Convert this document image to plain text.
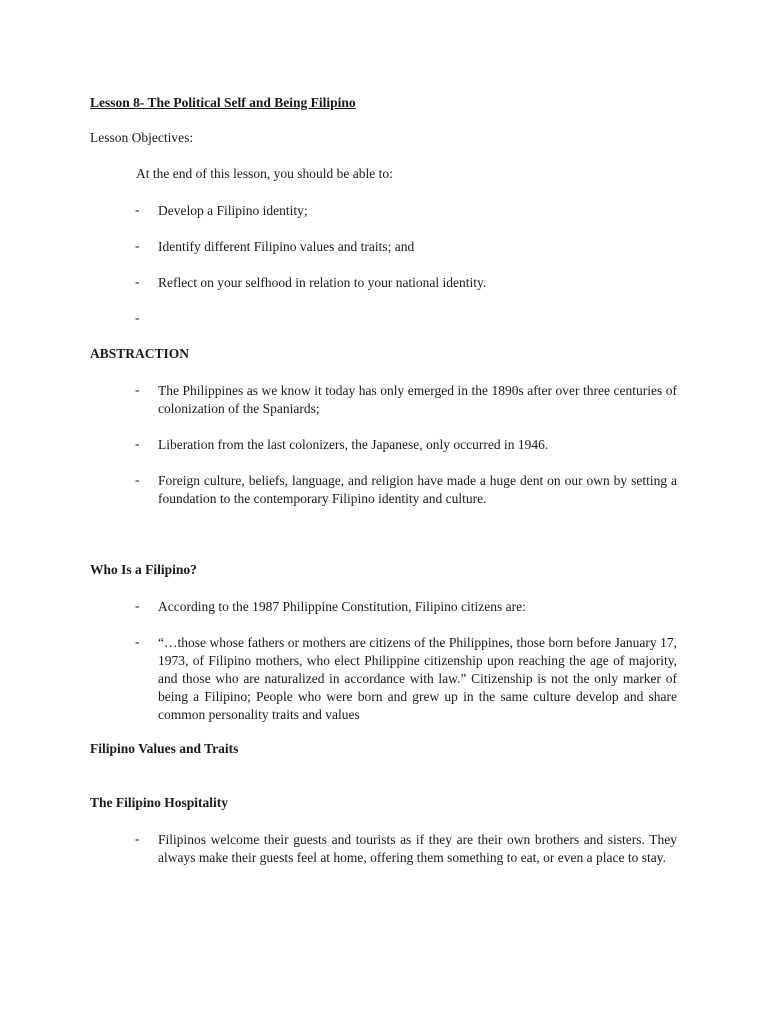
Lesson 8- The Political Self and Being Filipino
Lesson Objectives:
At the end of this lesson, you should be able to:
- Develop a Filipino identity;
- Identify different Filipino values and traits; and
- Reflect on your selfhood in relation to your national identity.
-
ABSTRACTION
- The Philippines as we know it today has only emerged in the 1890s after over three centuries of colonization of the Spaniards;
- Liberation from the last colonizers, the Japanese, only occurred in 1946.
- Foreign culture, beliefs, language, and religion have made a huge dent on our own by setting a foundation to the contemporary Filipino identity and culture.
Who Is a Filipino?
- According to the 1987 Philippine Constitution, Filipino citizens are:
- “…those whose fathers or mothers are citizens of the Philippines, those born before January 17, 1973, of Filipino mothers, who elect Philippine citizenship upon reaching the age of majority, and those who are naturalized in accordance with law.” Citizenship is not the only marker of being a Filipino; People who were born and grew up in the same culture develop and share common personality traits and values
Filipino Values and Traits
The Filipino Hospitality
- Filipinos welcome their guests and tourists as if they are their own brothers and sisters. They always make their guests feel at home, offering them something to eat, or even a place to stay.
